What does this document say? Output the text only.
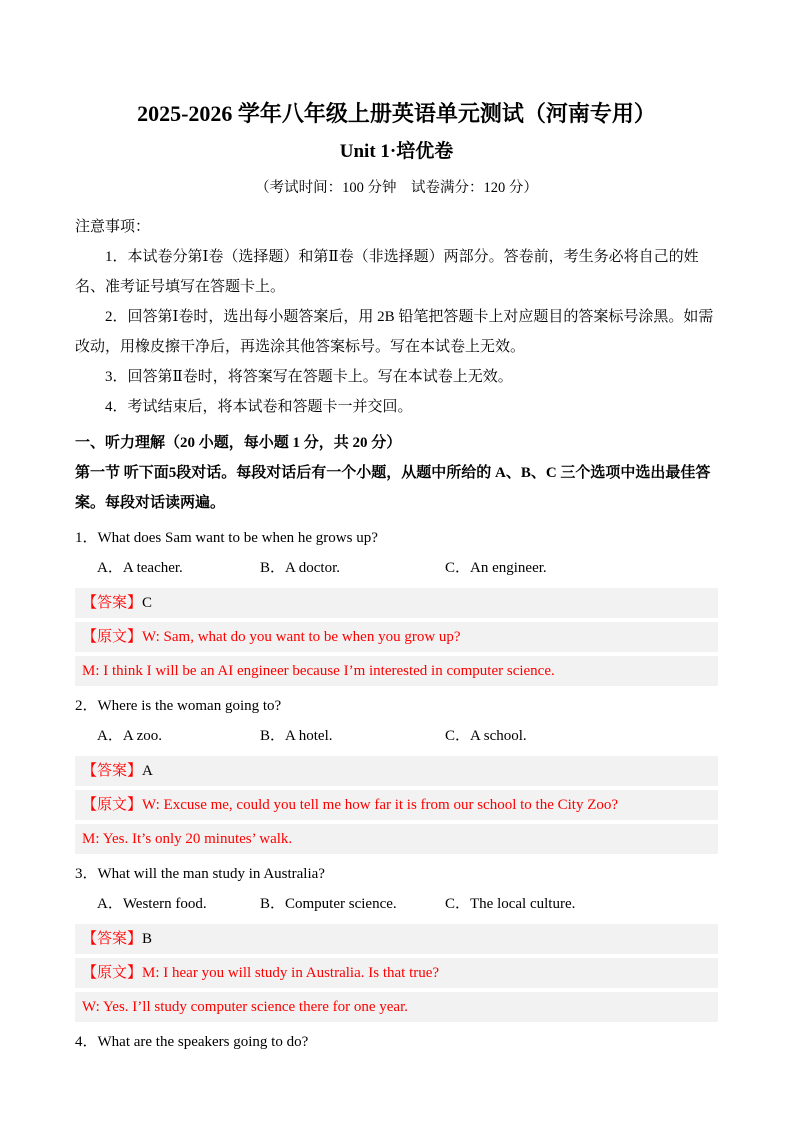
2025-2026 学年八年级上册英语单元测试（河南专用）
Unit 1·培优卷
（考试时间：100 分钟　试卷满分：120 分）
注意事项：
1．本试卷分第Ⅰ卷（选择题）和第Ⅱ卷（非选择题）两部分。答卷前，考生务必将自己的姓名、准考证号填写在答题卡上。
2．回答第Ⅰ卷时，选出每小题答案后，用 2B 铅笔把答题卡上对应题目的答案标号涂黑。如需改动，用橡皮擦干净后，再选涂其他答案标号。写在本试卷上无效。
3．回答第Ⅱ卷时，将答案写在答题卡上。写在本试卷上无效。
4．考试结束后，将本试卷和答题卡一并交回。
一、听力理解（20 小题，每小题 1 分，共 20 分）
第一节 听下面5段对话。每段对话后有一个小题，从题中所给的 A、B、C 三个选项中选出最佳答案。每段对话读两遍。
1．What does Sam want to be when he grows up?
A．A teacher.	B．A doctor.	C．An engineer.
【答案】C
【原文】W: Sam, what do you want to be when you grow up?
M: I think I will be an AI engineer because I’m interested in computer science.
2．Where is the woman going to?
A．A zoo.	B．A hotel.	C．A school.
【答案】A
【原文】W: Excuse me, could you tell me how far it is from our school to the City Zoo?
M: Yes. It’s only 20 minutes’ walk.
3．What will the man study in Australia?
A．Western food.	B．Computer science.	C．The local culture.
【答案】B
【原文】M: I hear you will study in Australia. Is that true?
W: Yes. I’ll study computer science there for one year.
4．What are the speakers going to do?
